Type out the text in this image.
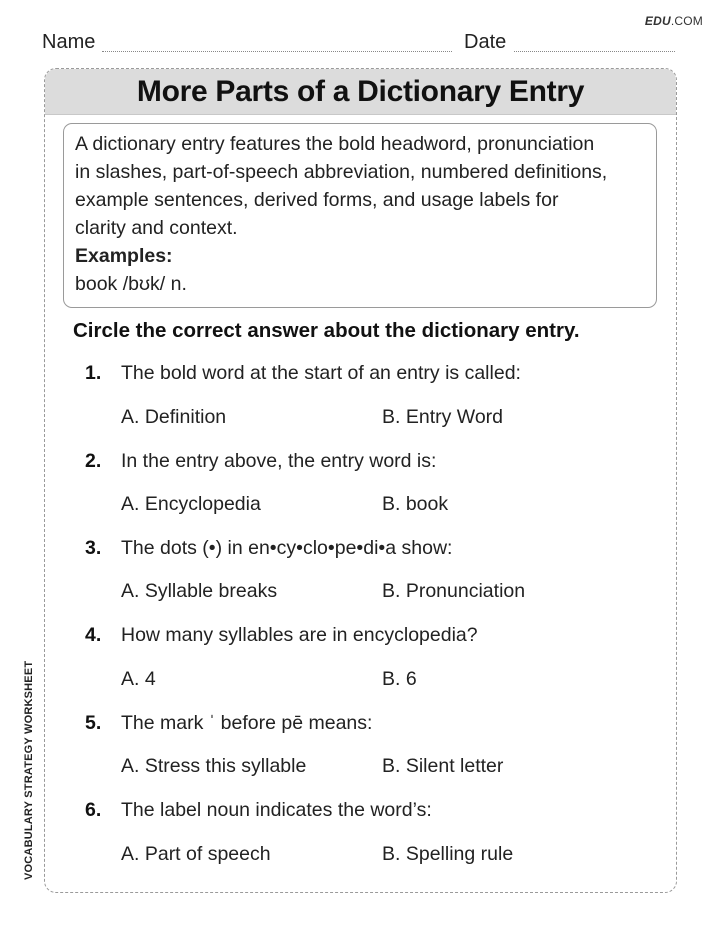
EDU.COM
Name	Date
VOCABULARY STRATEGY WORKSHEET
More Parts of a Dictionary Entry
A dictionary entry features the bold headword, pronunciation
in slashes, part-of-speech abbreviation, numbered definitions,
example sentences, derived forms, and usage labels for
clarity and context.
Examples:
book /bʊk/ n.
Circle the correct answer about the dictionary entry.
1. The bold word at the start of an entry is called:
A. Definition	B. Entry Word
2. In the entry above, the entry word is:
A. Encyclopedia	B. book
3. The dots (•) in en•cy•clo•pe•di•a show:
A. Syllable breaks	B. Pronunciation
4. How many syllables are in encyclopedia?
A. 4	B. 6
5. The mark ˈ before pē means:
A. Stress this syllable	B. Silent letter
6. The label noun indicates the word’s:
A. Part of speech	B. Spelling rule
